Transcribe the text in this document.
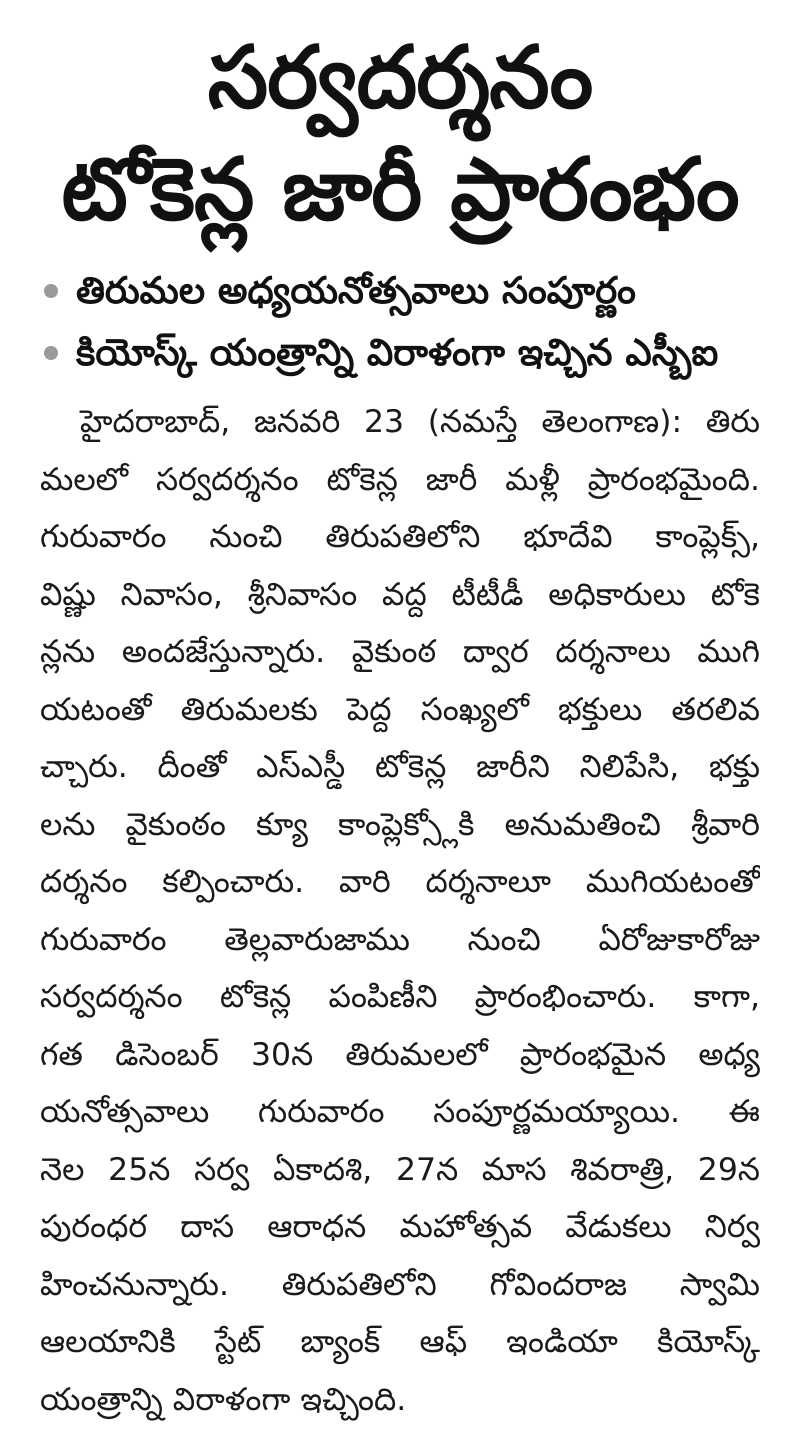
సర్వదర్శనం
టోకెన్ల జారీ ప్రారంభం
తిరుమల అధ్యయనోత్సవాలు సంపూర్ణం
కియోస్క్ యంత్రాన్ని విరాళంగా ఇచ్చిన ఎస్బీఐ
హైదరాబాద్, జనవరి 23 (నమస్తే తెలంగాణ): తిరు
మలలో సర్వదర్శనం టోకెన్ల జారీ మళ్లీ ప్రారంభమైంది.
గురువారం నుంచి తిరుపతిలోని భూదేవి కాంప్లెక్స్,
విష్ణు నివాసం, శ్రీనివాసం వద్ద టీటీడీ అధికారులు టోకె
న్లను అందజేస్తున్నారు. వైకుంఠ ద్వార దర్శనాలు ముగి
యటంతో తిరుమలకు పెద్ద సంఖ్యలో భక్తులు తరలివ
చ్చారు. దీంతో ఎస్ఎస్డీ టోకెన్ల జారీని నిలిపేసి, భక్తు
లను వైకుంఠం క్యూ కాంప్లెక్స్లోకి అనుమతించి శ్రీవారి
దర్శనం కల్పించారు. వారి దర్శనాలూ ముగియటంతో
గురువారం తెల్లవారుజాము నుంచి ఏరోజుకారోజు
సర్వదర్శనం టోకెన్ల పంపిణీని ప్రారంభించారు. కాగా,
గత డిసెంబర్ 30న తిరుమలలో ప్రారంభమైన అధ్య
యనోత్సవాలు గురువారం సంపూర్ణమయ్యాయి. ఈ
నెల 25న సర్వ ఏకాదశి, 27న మాస శివరాత్రి, 29న
పురంధర దాస ఆరాధన మహోత్సవ వేడుకలు నిర్వ
హించనున్నారు. తిరుపతిలోని గోవిందరాజ స్వామి
ఆలయానికి స్టేట్ బ్యాంక్ ఆఫ్ ఇండియా కియోస్క్
యంత్రాన్ని విరాళంగా ఇచ్చింది.
